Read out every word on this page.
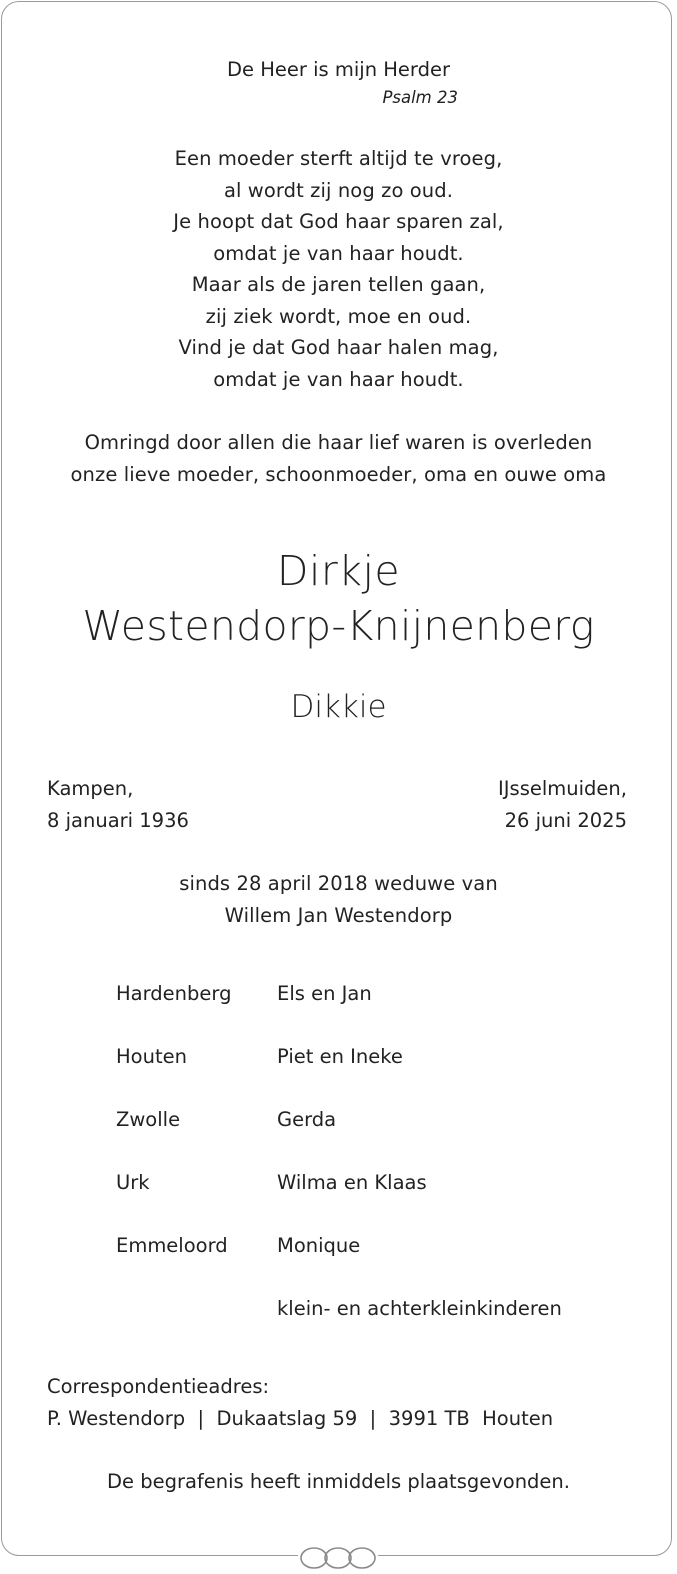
De Heer is mijn Herder
Psalm 23
Een moeder sterft altijd te vroeg,
al wordt zij nog zo oud.
Je hoopt dat God haar sparen zal,
omdat je van haar houdt.
Maar als de jaren tellen gaan,
zij ziek wordt, moe en oud.
Vind je dat God haar halen mag,
omdat je van haar houdt.
Omringd door allen die haar lief waren is overleden
onze lieve moeder, schoonmoeder, oma en ouwe oma
Dirkje
Westendorp-Knijnenberg
Dikkie
Kampen,
8 januari 1936
IJsselmuiden,
26 juni 2025
sinds 28 april 2018 weduwe van
Willem Jan Westendorp
Hardenberg Els en Jan
Houten	Piet en Ineke
Zwolle	Gerda
Urk	Wilma en Klaas
Emmeloord	Monique
klein- en achterkleinkinderen
Correspondentieadres:
P. Westendorp  |  Dukaatslag 59  |  3991 TB  Houten
De begrafenis heeft inmiddels plaatsgevonden.
